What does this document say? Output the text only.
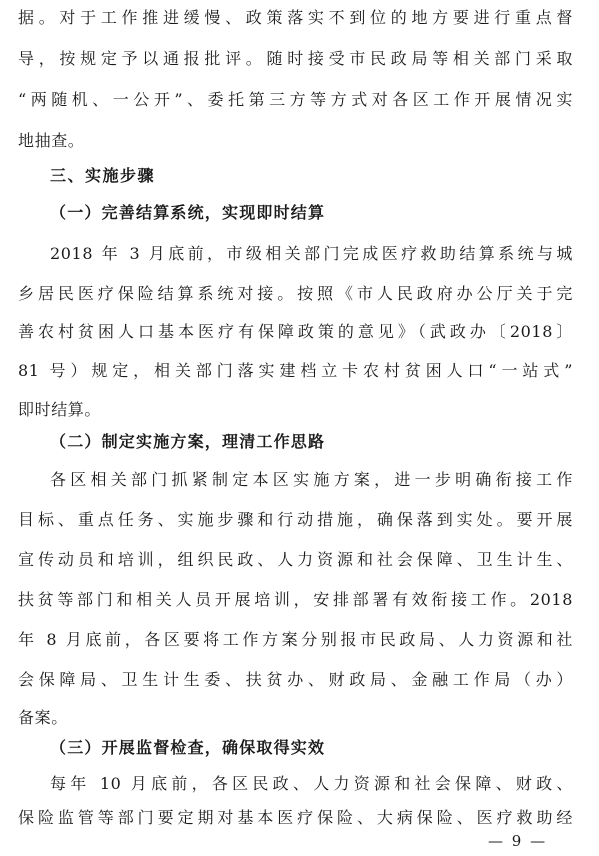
据。对于工作推进缓慢、政策落实不到位的地方要进行重点督
导，按规定予以通报批评。随时接受市民政局等相关部门采取
“两随机、一公开”、委托第三方等方式对各区工作开展情况实
地抽查。
三、实施步骤
（一）完善结算系统，实现即时结算
2018 年 3 月底前，市级相关部门完成医疗救助结算系统与城
乡居民医疗保险结算系统对接。按照《市人民政府办公厅关于完
善农村贫困人口基本医疗有保障政策的意见》（武政办〔2018〕
81 号）规定，相关部门落实建档立卡农村贫困人口“一站式”
即时结算。
（二）制定实施方案，理清工作思路
各区相关部门抓紧制定本区实施方案，进一步明确衔接工作
目标、重点任务、实施步骤和行动措施，确保落到实处。要开展
宣传动员和培训，组织民政、人力资源和社会保障、卫生计生、
扶贫等部门和相关人员开展培训，安排部署有效衔接工作。2018
年 8 月底前，各区要将工作方案分别报市民政局、人力资源和社
会保障局、卫生计生委、扶贫办、财政局、金融工作局（办）
备案。
（三）开展监督检查，确保取得实效
每年 10 月底前，各区民政、人力资源和社会保障、财政、
保险监管等部门要定期对基本医疗保险、大病保险、医疗救助经
— 9 —
